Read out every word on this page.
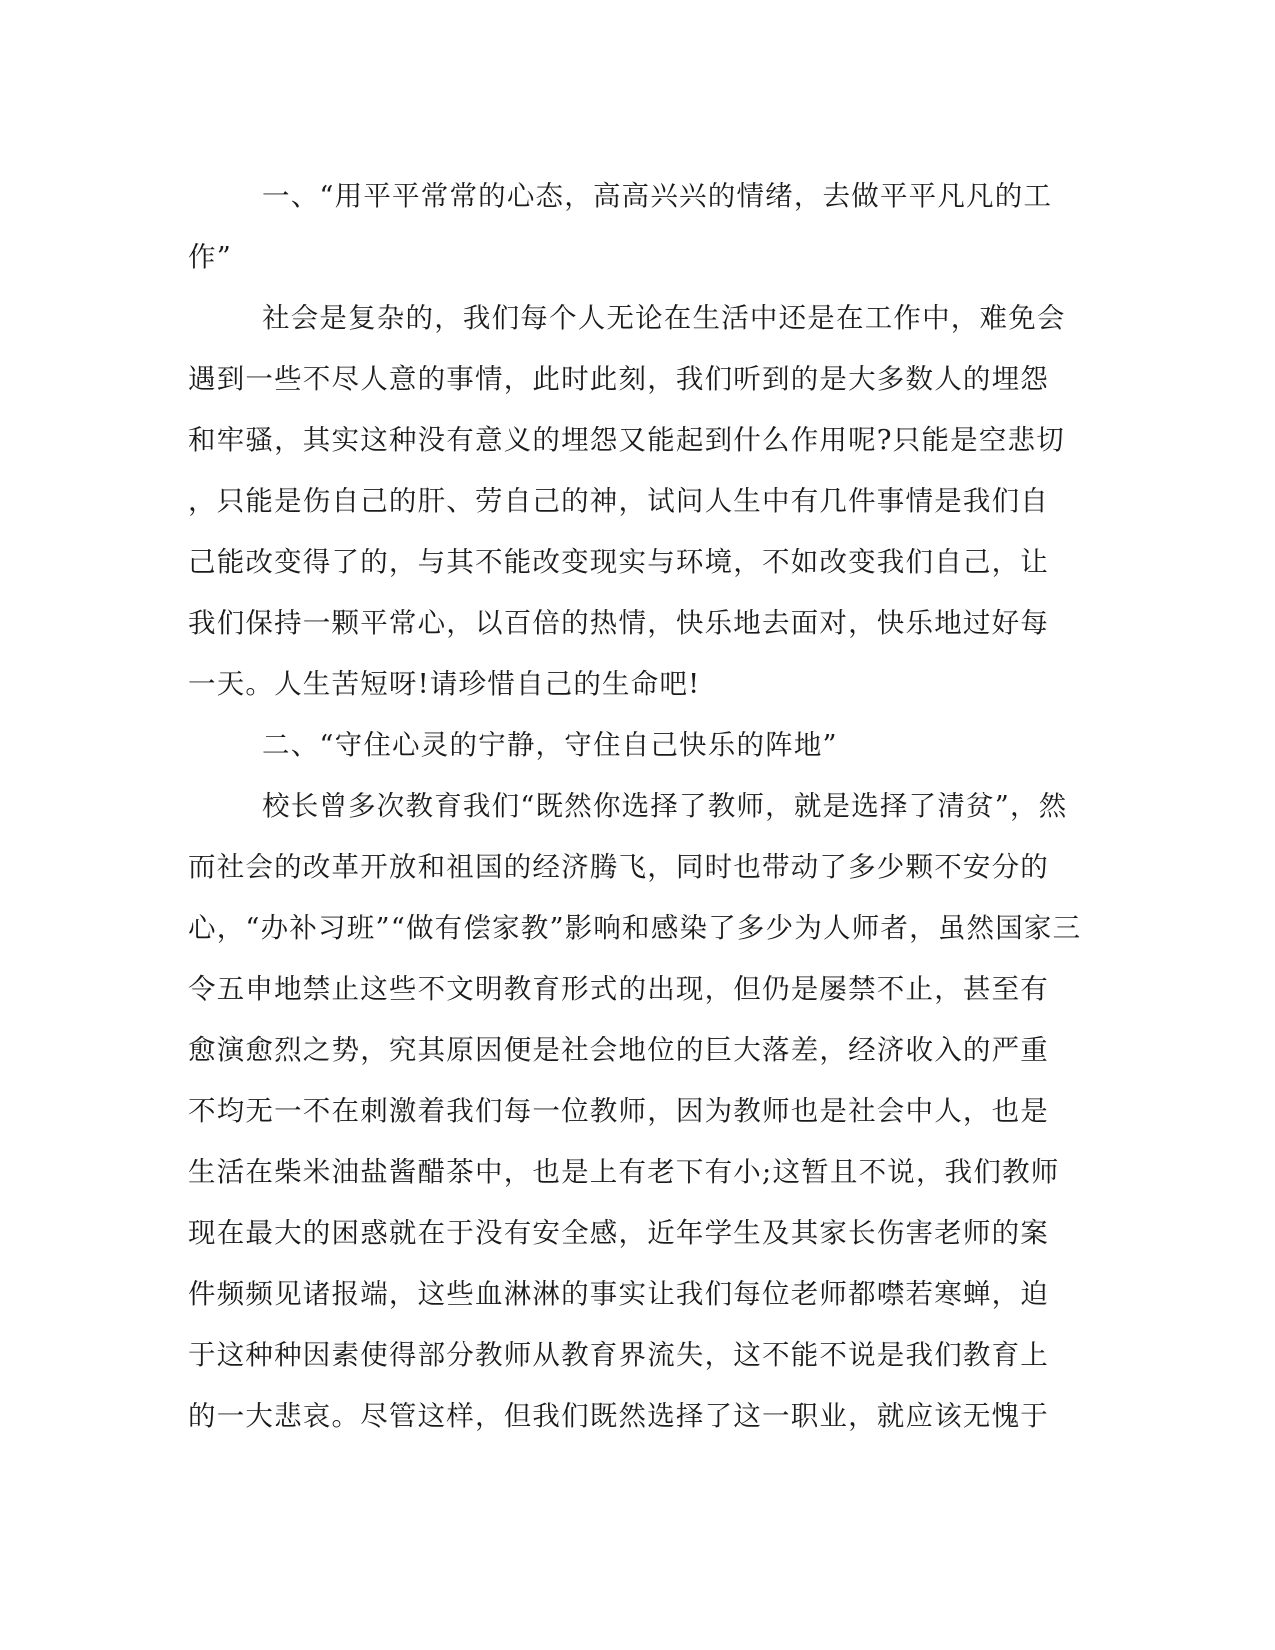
一、“用平平常常的心态，高高兴兴的情绪，去做平平凡凡的工
作”
社会是复杂的，我们每个人无论在生活中还是在工作中，难免会
遇到一些不尽人意的事情，此时此刻，我们听到的是大多数人的埋怨
和牢骚，其实这种没有意义的埋怨又能起到什么作用呢?只能是空悲切
，只能是伤自己的肝、劳自己的神，试问人生中有几件事情是我们自
己能改变得了的，与其不能改变现实与环境，不如改变我们自己，让
我们保持一颗平常心，以百倍的热情，快乐地去面对，快乐地过好每
一天。人生苦短呀!请珍惜自己的生命吧!
二、“守住心灵的宁静，守住自己快乐的阵地”
校长曾多次教育我们“既然你选择了教师，就是选择了清贫”，然
而社会的改革开放和祖国的经济腾飞，同时也带动了多少颗不安分的
心，“办补习班”“做有偿家教”影响和感染了多少为人师者，虽然国家三
令五申地禁止这些不文明教育形式的出现，但仍是屡禁不止，甚至有
愈演愈烈之势，究其原因便是社会地位的巨大落差，经济收入的严重
不均无一不在刺激着我们每一位教师，因为教师也是社会中人，也是
生活在柴米油盐酱醋茶中，也是上有老下有小;这暂且不说，我们教师
现在最大的困惑就在于没有安全感，近年学生及其家长伤害老师的案
件频频见诸报端，这些血淋淋的事实让我们每位老师都噤若寒蝉，迫
于这种种因素使得部分教师从教育界流失，这不能不说是我们教育上
的一大悲哀。尽管这样，但我们既然选择了这一职业，就应该无愧于
